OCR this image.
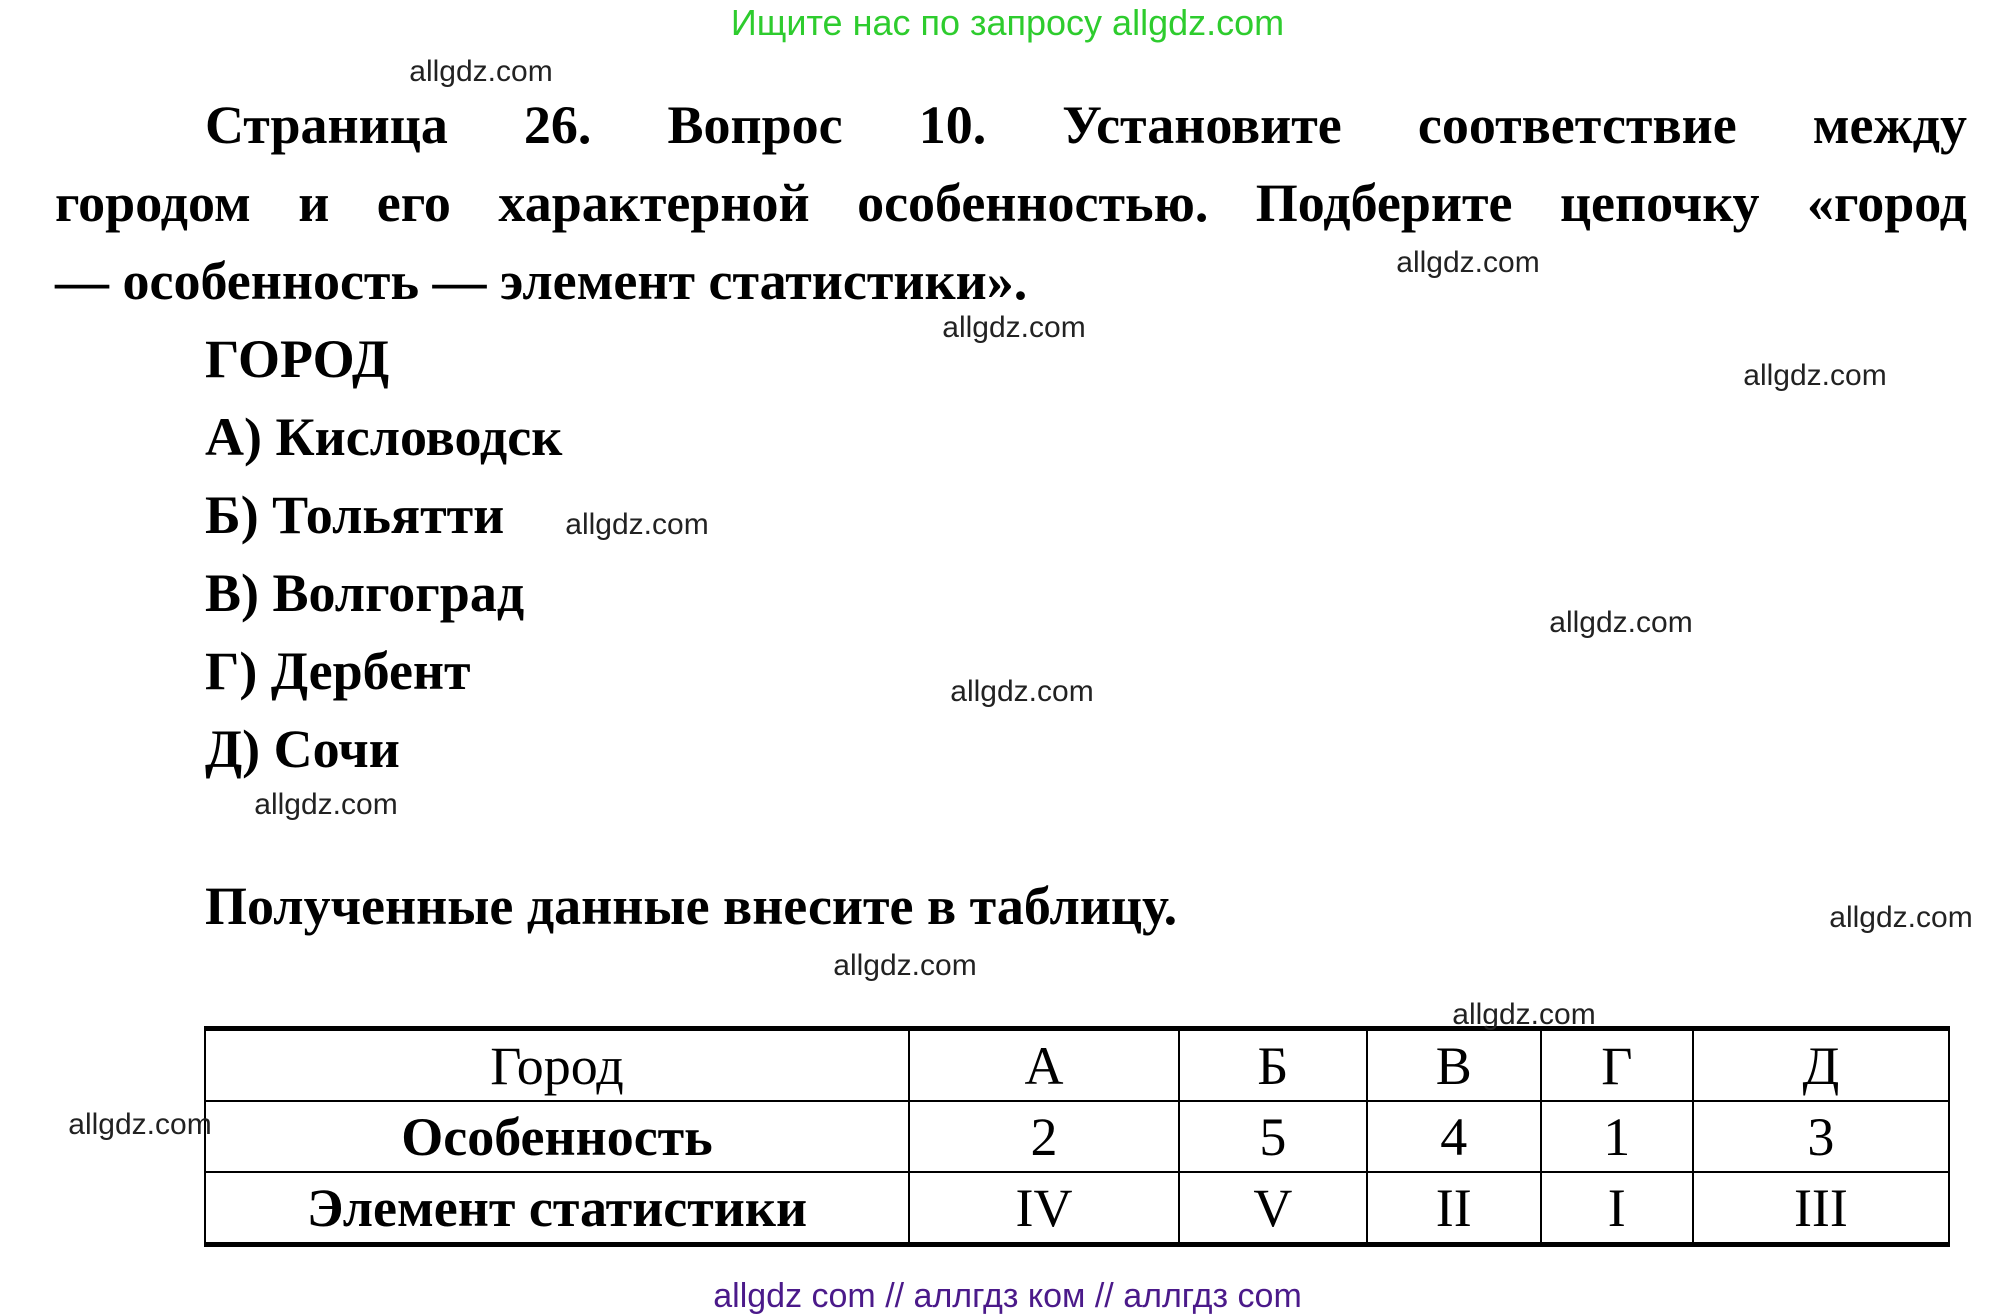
Ищите нас по запросу allgdz.com
Страница 26. Вопрос 10. Установите соответствие между
городом и его характерной особенностью. Подберите цепочку «город
— особенность — элемент статистики».
ГОРОД
А) Кисловодск
Б) Тольятти
В) Волгоград
Г) Дербент
Д) Сочи
Полученные данные внесите в таблицу.
Город	А	Б	В	Г	Д
Особенность	2	5	4	1	3
Элемент статистики	IV	V	II	I	III
allgdz.com
allgdz.com
allgdz.com
allgdz.com
allgdz.com
allgdz.com
allgdz.com
allgdz.com
allgdz.com
allgdz.com
allgdz.com
allgdz.com
allgdz com // аллгдз ком // аллгдз com
